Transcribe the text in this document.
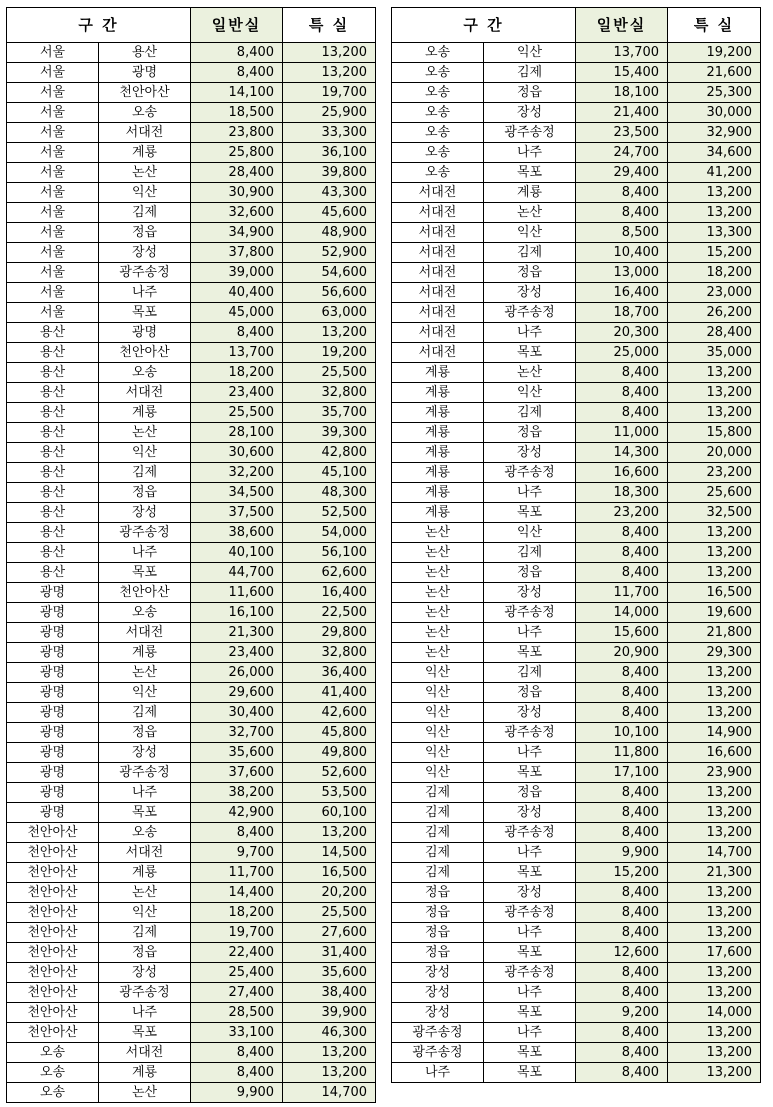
구 간		일반실	특 실
서울	용산	8,400	13,200
서울	광명	8,400	13,200
서울	천안아산	14,100	19,700
서울	오송	18,500	25,900
서울	서대전	23,800	33,300
서울	계룡	25,800	36,100
서울	논산	28,400	39,800
서울	익산	30,900	43,300
서울	김제	32,600	45,600
서울	정읍	34,900	48,900
서울	장성	37,800	52,900
서울	광주송정	39,000	54,600
서울	나주	40,400	56,600
서울	목포	45,000	63,000
용산	광명	8,400	13,200
용산	천안아산	13,700	19,200
용산	오송	18,200	25,500
용산	서대전	23,400	32,800
용산	계룡	25,500	35,700
용산	논산	28,100	39,300
용산	익산	30,600	42,800
용산	김제	32,200	45,100
용산	정읍	34,500	48,300
용산	장성	37,500	52,500
용산	광주송정	38,600	54,000
용산	나주	40,100	56,100
용산	목포	44,700	62,600
광명	천안아산	11,600	16,400
광명	오송	16,100	22,500
광명	서대전	21,300	29,800
광명	계룡	23,400	32,800
광명	논산	26,000	36,400
광명	익산	29,600	41,400
광명	김제	30,400	42,600
광명	정읍	32,700	45,800
광명	장성	35,600	49,800
광명	광주송정	37,600	52,600
광명	나주	38,200	53,500
광명	목포	42,900	60,100
천안아산	오송	8,400	13,200
천안아산	서대전	9,700	14,500
천안아산	계룡	11,700	16,500
천안아산	논산	14,400	20,200
천안아산	익산	18,200	25,500
천안아산	김제	19,700	27,600
천안아산	정읍	22,400	31,400
천안아산	장성	25,400	35,600
천안아산	광주송정	27,400	38,400
천안아산	나주	28,500	39,900
천안아산	목포	33,100	46,300
오송	서대전	8,400	13,200
오송	계룡	8,400	13,200
오송	논산	9,900	14,700
구 간		일반실	특 실
오송	익산	13,700	19,200
오송	김제	15,400	21,600
오송	정읍	18,100	25,300
오송	장성	21,400	30,000
오송	광주송정	23,500	32,900
오송	나주	24,700	34,600
오송	목포	29,400	41,200
서대전	계룡	8,400	13,200
서대전	논산	8,400	13,200
서대전	익산	8,500	13,300
서대전	김제	10,400	15,200
서대전	정읍	13,000	18,200
서대전	장성	16,400	23,000
서대전	광주송정	18,700	26,200
서대전	나주	20,300	28,400
서대전	목포	25,000	35,000
계룡	논산	8,400	13,200
계룡	익산	8,400	13,200
계룡	김제	8,400	13,200
계룡	정읍	11,000	15,800
계룡	장성	14,300	20,000
계룡	광주송정	16,600	23,200
계룡	나주	18,300	25,600
계룡	목포	23,200	32,500
논산	익산	8,400	13,200
논산	김제	8,400	13,200
논산	정읍	8,400	13,200
논산	장성	11,700	16,500
논산	광주송정	14,000	19,600
논산	나주	15,600	21,800
논산	목포	20,900	29,300
익산	김제	8,400	13,200
익산	정읍	8,400	13,200
익산	장성	8,400	13,200
익산	광주송정	10,100	14,900
익산	나주	11,800	16,600
익산	목포	17,100	23,900
김제	정읍	8,400	13,200
김제	장성	8,400	13,200
김제	광주송정	8,400	13,200
김제	나주	9,900	14,700
김제	목포	15,200	21,300
정읍	장성	8,400	13,200
정읍	광주송정	8,400	13,200
정읍	나주	8,400	13,200
정읍	목포	12,600	17,600
장성	광주송정	8,400	13,200
장성	나주	8,400	13,200
장성	목포	9,200	14,000
광주송정	나주	8,400	13,200
광주송정	목포	8,400	13,200
나주	목포	8,400	13,200
